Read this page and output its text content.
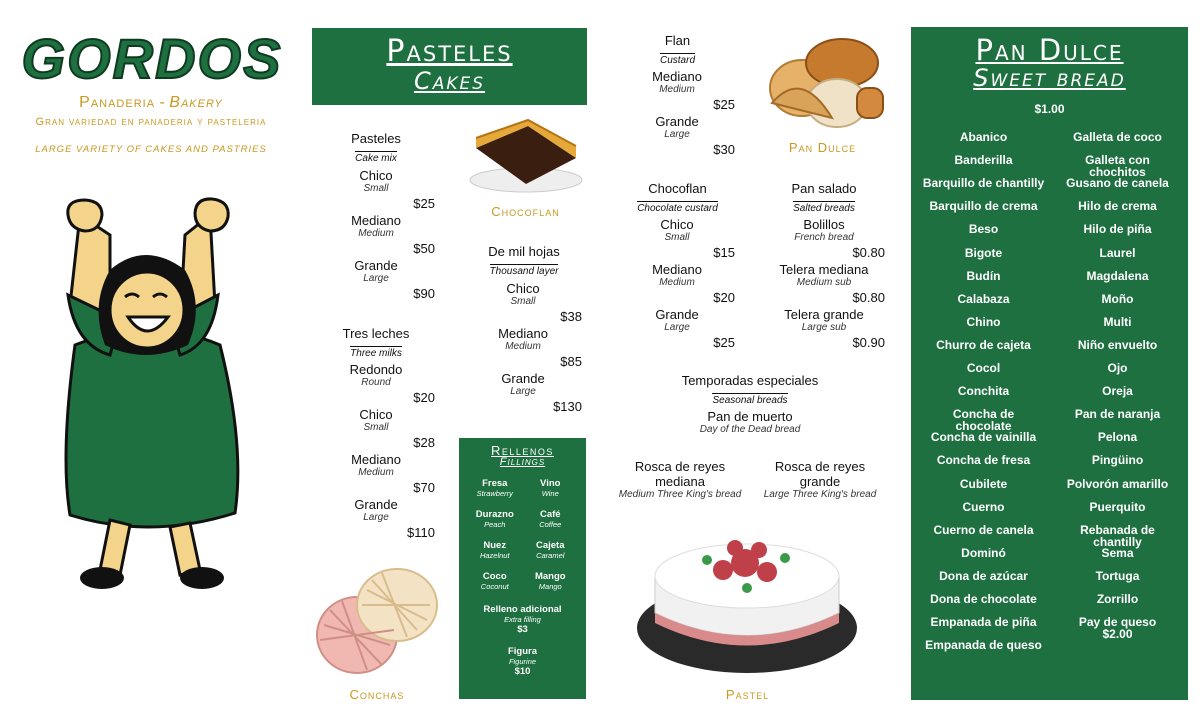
GORDOS
Panaderia - Bakery
Gran variedad en panaderia y pasteleria
LARGE VARIETY OF CAKES AND PASTRIES
Pasteles
Cakes
Pasteles
Cake mix
Chico
Small
$25
Mediano
Medium
$50
Grande
Large
$90
Tres leches
Three milks
Redondo
Round
$20
Chico
Small
$28
Mediano
Medium
$70
Grande
Large
$110
Chocoflan
De mil hojas
Thousand layer
Chico
Small
$38
Mediano
Medium
$85
Grande
Large
$130
Conchas
Rellenos
Fillings
Fresa
Strawberry
Vino
Wine
Durazno
Peach
Café
Coffee
Nuez
Hazelnut
Cajeta
Caramel
Coco
Coconut
Mango
Mango
Relleno adicional
Extra filling
$3
Figura
Figurine
$10
Flan
Custard
Mediano
Medium
$25
Grande
Large
$30	Pan Dulce
Chocoflan
Chocolate custard
Chico
Small
$15
Mediano
Medium
$20
Grande
Large
$25
Pan salado
Salted breads
Bolillos
French bread
$0.80
Telera mediana
Medium sub
$0.80
Telera grande
Large sub
$0.90
Temporadas especiales
Seasonal breads
Pan de muerto
Day of the Dead bread
Rosca de reyes
mediana
Medium Three King's bread
Rosca de reyes
grande
Large Three King's bread
Pastel
Pan Dulce
Sweet bread
$1.00
Abanico
Banderilla
Barquillo de chantilly
Barquillo de crema
Beso
Bigote
Budín
Calabaza
Chino
Churro de cajeta
Cocol
Conchita
Concha de
chocolate
Concha de vainilla
Concha de fresa
Cubilete
Cuerno
Cuerno de canela
Dominó
Dona de azúcar
Dona de chocolate
Empanada de piña
Empanada de queso
Galleta de coco
Galleta con
chochitos
Gusano de canela
Hilo de crema
Hilo de piña
Laurel
Magdalena
Moño
Multi
Niño envuelto
Ojo
Oreja
Pan de naranja
Pelona
Pingüino
Polvorón amarillo
Puerquito
Rebanada de
chantilly
Sema
Tortuga
Zorrillo
Pay de queso
$2.00
